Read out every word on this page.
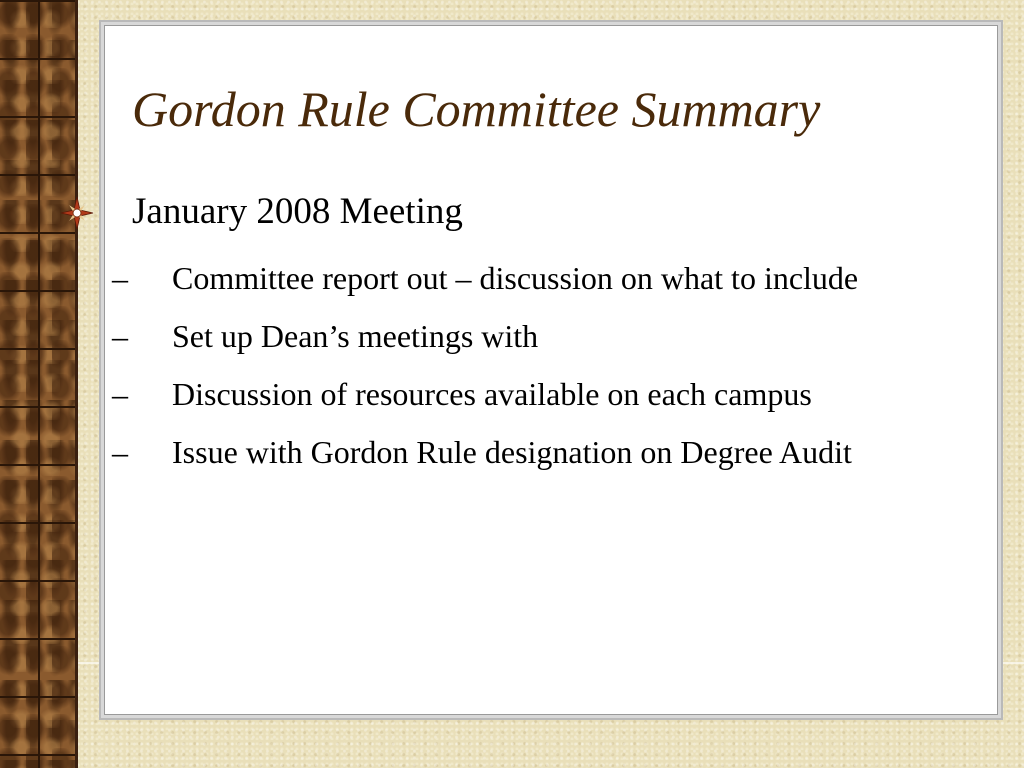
Gordon Rule Committee Summary
January 2008 Meeting
–	Committee report out – discussion on what to include
–	Set up Dean’s meetings with
–	Discussion of resources available on each campus
–	Issue with Gordon Rule designation on Degree Audit
